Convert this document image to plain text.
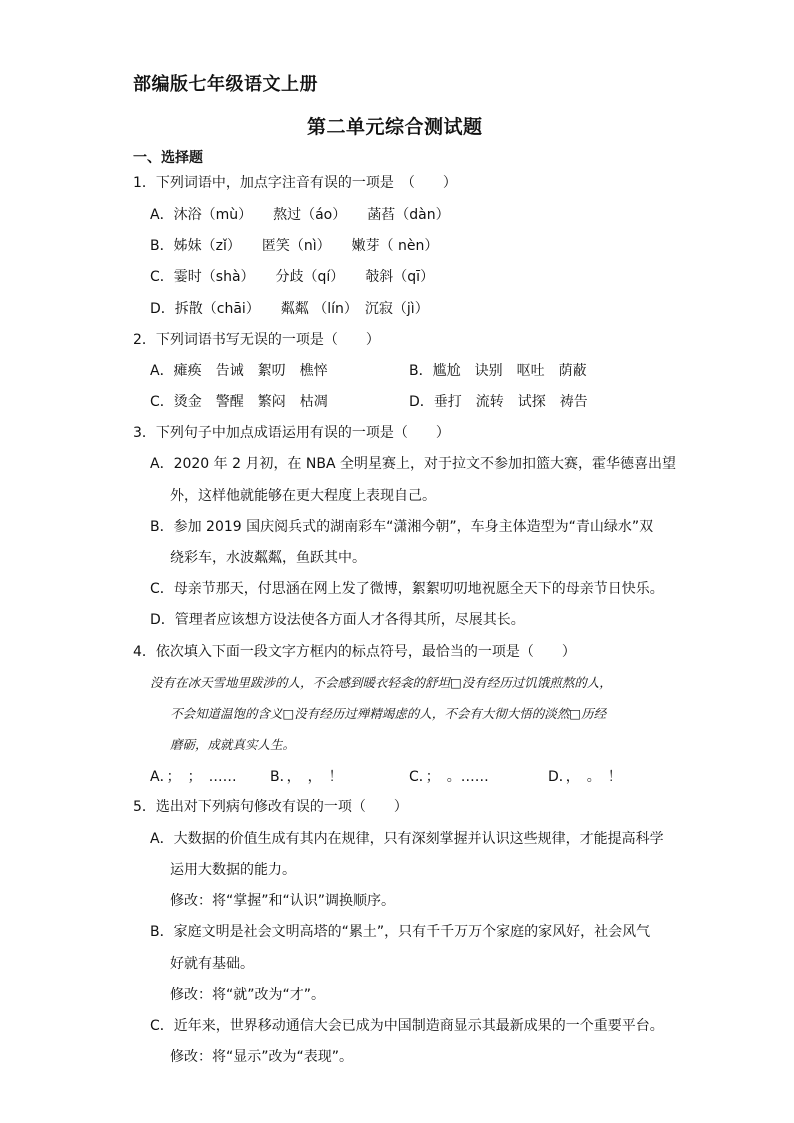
部编版七年级语文上册
第二单元综合测试题
一、选择题
1．下列词语中，加点字注音有误的一项是　（　　）
A．沐浴（mù）　　熬过（áo）　　菡萏（dàn）
B．姊妹（zǐ）　　匿笑（nì）　　嫩芽（ nèn）
C．霎时（shà）　　分歧（qí）　　攲斜（qī）
D．拆散（chāi）　　粼粼 （lín）　沉寂（jì）
2．下列词语书写无误的一项是（　　）
A．瘫痪　告诫　絮叨　樵悴	B．尴尬　诀别　呕吐　荫蔽
C．烫金　警醒　繁闷　枯凋	D．垂打　流转　试探　祷告
3．下列句子中加点成语运用有误的一项是（　　）
A．2020 年 2 月初，在 NBA 全明星赛上，对于拉文不参加扣篮大赛，霍华德喜出望
外，这样他就能够在更大程度上表现自己。
B．参加 2019 国庆阅兵式的湖南彩车“潇湘今朝”，车身主体造型为“青山绿水”双
绕彩车，水波粼粼，鱼跃其中。
C．母亲节那天，付思涵在网上发了微博，絮絮叨叨地祝愿全天下的母亲节日快乐。
D．管理者应该想方设法使各方面人才各得其所，尽展其长。
4．依次填入下面一段文字方框内的标点符号，最恰当的一项是（　　）
没有在冰天雪地里跋涉的人，不会感到暖衣轻衾的舒坦□没有经历过饥饿煎熬的人，
不会知道温饱的含义□没有经历过殚精竭虑的人，不会有大彻大悟的淡然□历经
磨砺，成就真实人生。
A．；　；　…… B．，　，　！	C．；　。……	D．，　。　！
5．选出对下列病句修改有误的一项（　　）
A．大数据的价值生成有其内在规律，只有深刻掌握并认识这些规律，才能提高科学
运用大数据的能力。
修改：将“掌握”和“认识”调换顺序。
B．家庭文明是社会文明高塔的“累土”，只有千千万万个家庭的家风好，社会风气
好就有基础。
修改：将“就”改为“才”。
C．近年来，世界移动通信大会已成为中国制造商显示其最新成果的一个重要平台。
修改：将“显示”改为“表现”。
